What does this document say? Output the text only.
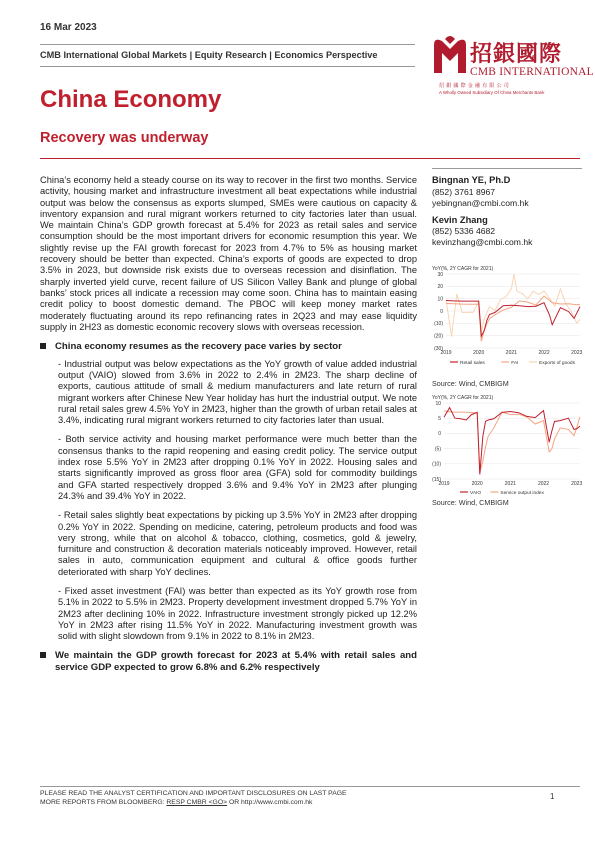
16 Mar 2023
CMB International Global Markets | Equity Research | Economics Perspective	招銀國際
CMB INTERNATIONAL
招銀國際金融有限公司
A Wholly Owned Subsidiary Of China Merchants Bank
China Economy
Recovery was underway

China’s economy held a steady course on its way to recover in the first two months. Service activity, housing market and infrastructure investment all beat expectations while industrial output was below the consensus as exports slumped, SMEs were cautious on capacity & inventory expansion and rural migrant workers returned to city factories later than usual. We maintain China’s GDP growth forecast at 5.4% for 2023 as retail sales and service consumption should be the most important drivers for economic resumption this year. We slightly revise up the FAI growth forecast for 2023 from 4.7% to 5% as housing market recovery should be better than expected. China’s exports of goods are expected to drop 3.5% in 2023, but downside risk exists due to overseas recession and disinflation. The sharply inverted yield curve, recent failure of US Silicon Valley Bank and plunge of global banks’ stock prices all indicate a recession may come soon. China has to maintain easing credit policy to boost domestic demand. The PBOC will keep money market rates moderately fluctuating around its repo refinancing rates in 2Q23 and may ease liquidity supply in 2H23 as domestic economic recovery slows with overseas recession.

China economy resumes as the recovery pace varies by sector

- Industrial output was below expectations as the YoY growth of value added industrial output (VAIO) slowed from 3.6% in 2022 to 2.4% in 2M23. The sharp decline of exports, cautious attitude of small & medium manufacturers and late return of rural migrant workers after Chinese New Year holiday has hurt the industrial output. We note rural retail sales grew 4.5% YoY in 2M23, higher than the growth of urban retail sales at 3.4%, indicating rural migrant workers returned to city factories later than usual.

- Both service activity and housing market performance were much better than the consensus thanks to the rapid reopening and easing credit policy. The service output index rose 5.5% YoY in 2M23 after dropping 0.1% YoY in 2022. Housing sales and starts significantly improved as gross floor area (GFA) sold for commodity buildings and GFA started respectively dropped 3.6% and 9.4% YoY in 2M23 after plunging 24.3% and 39.4% YoY in 2022.

- Retail sales slightly beat expectations by picking up 3.5% YoY in 2M23 after dropping 0.2% YoY in 2022. Spending on medicine, catering, petroleum products and food was very strong, while that on alcohol & tobacco, clothing, cosmetics, gold & jewelry, furniture and construction & decoration materials noticeably improved. However, retail sales in auto, communication equipment and cultural & office goods further deteriorated with sharp YoY declines.

- Fixed asset investment (FAI) was better than expected as its YoY growth rose from 5.1% in 2022 to 5.5% in 2M23. Property development investment dropped 5.7% YoY in 2M23 after declining 10% in 2022. Infrastructure investment strongly picked up 12.2% YoY in 2M23 after rising 11.5% YoY in 2022. Manufacturing investment growth was solid with slight slowdown from 9.1% in 2022 to 8.1% in 2M23.

We maintain the GDP growth forecast for 2023 at 5.4% with retail sales and service GDP expected to grow 6.8% and 6.2% respectively

Bingnan YE, Ph.D
(852) 3761 8967
yebingnan@cmbi.com.hk
Kevin Zhang
(852) 5336 4682
kevinzhang@cmbi.com.hk
YoY(%, 2Y CAGR for 2021)
30
20
10
0
(10)
(20)
(30)
2019	2020	2021	2022	2023
Retail sales	FAI	Exports of goods
Source: Wind, CMBIGM
YoY(%, 2Y CAGR for 2021)
10
5
0
(5)
(10)
(15)
2019	2020	2021	2022	2023
VAIO	Service output index
Source: Wind, CMBIGM
PLEASE READ THE ANALYST CERTIFICATION AND IMPORTANT DISCLOSURES ON LAST PAGE
MORE REPORTS FROM BLOOMBERG: RESP CMBR <GO> OR http://www.cmbi.com.hk
1
